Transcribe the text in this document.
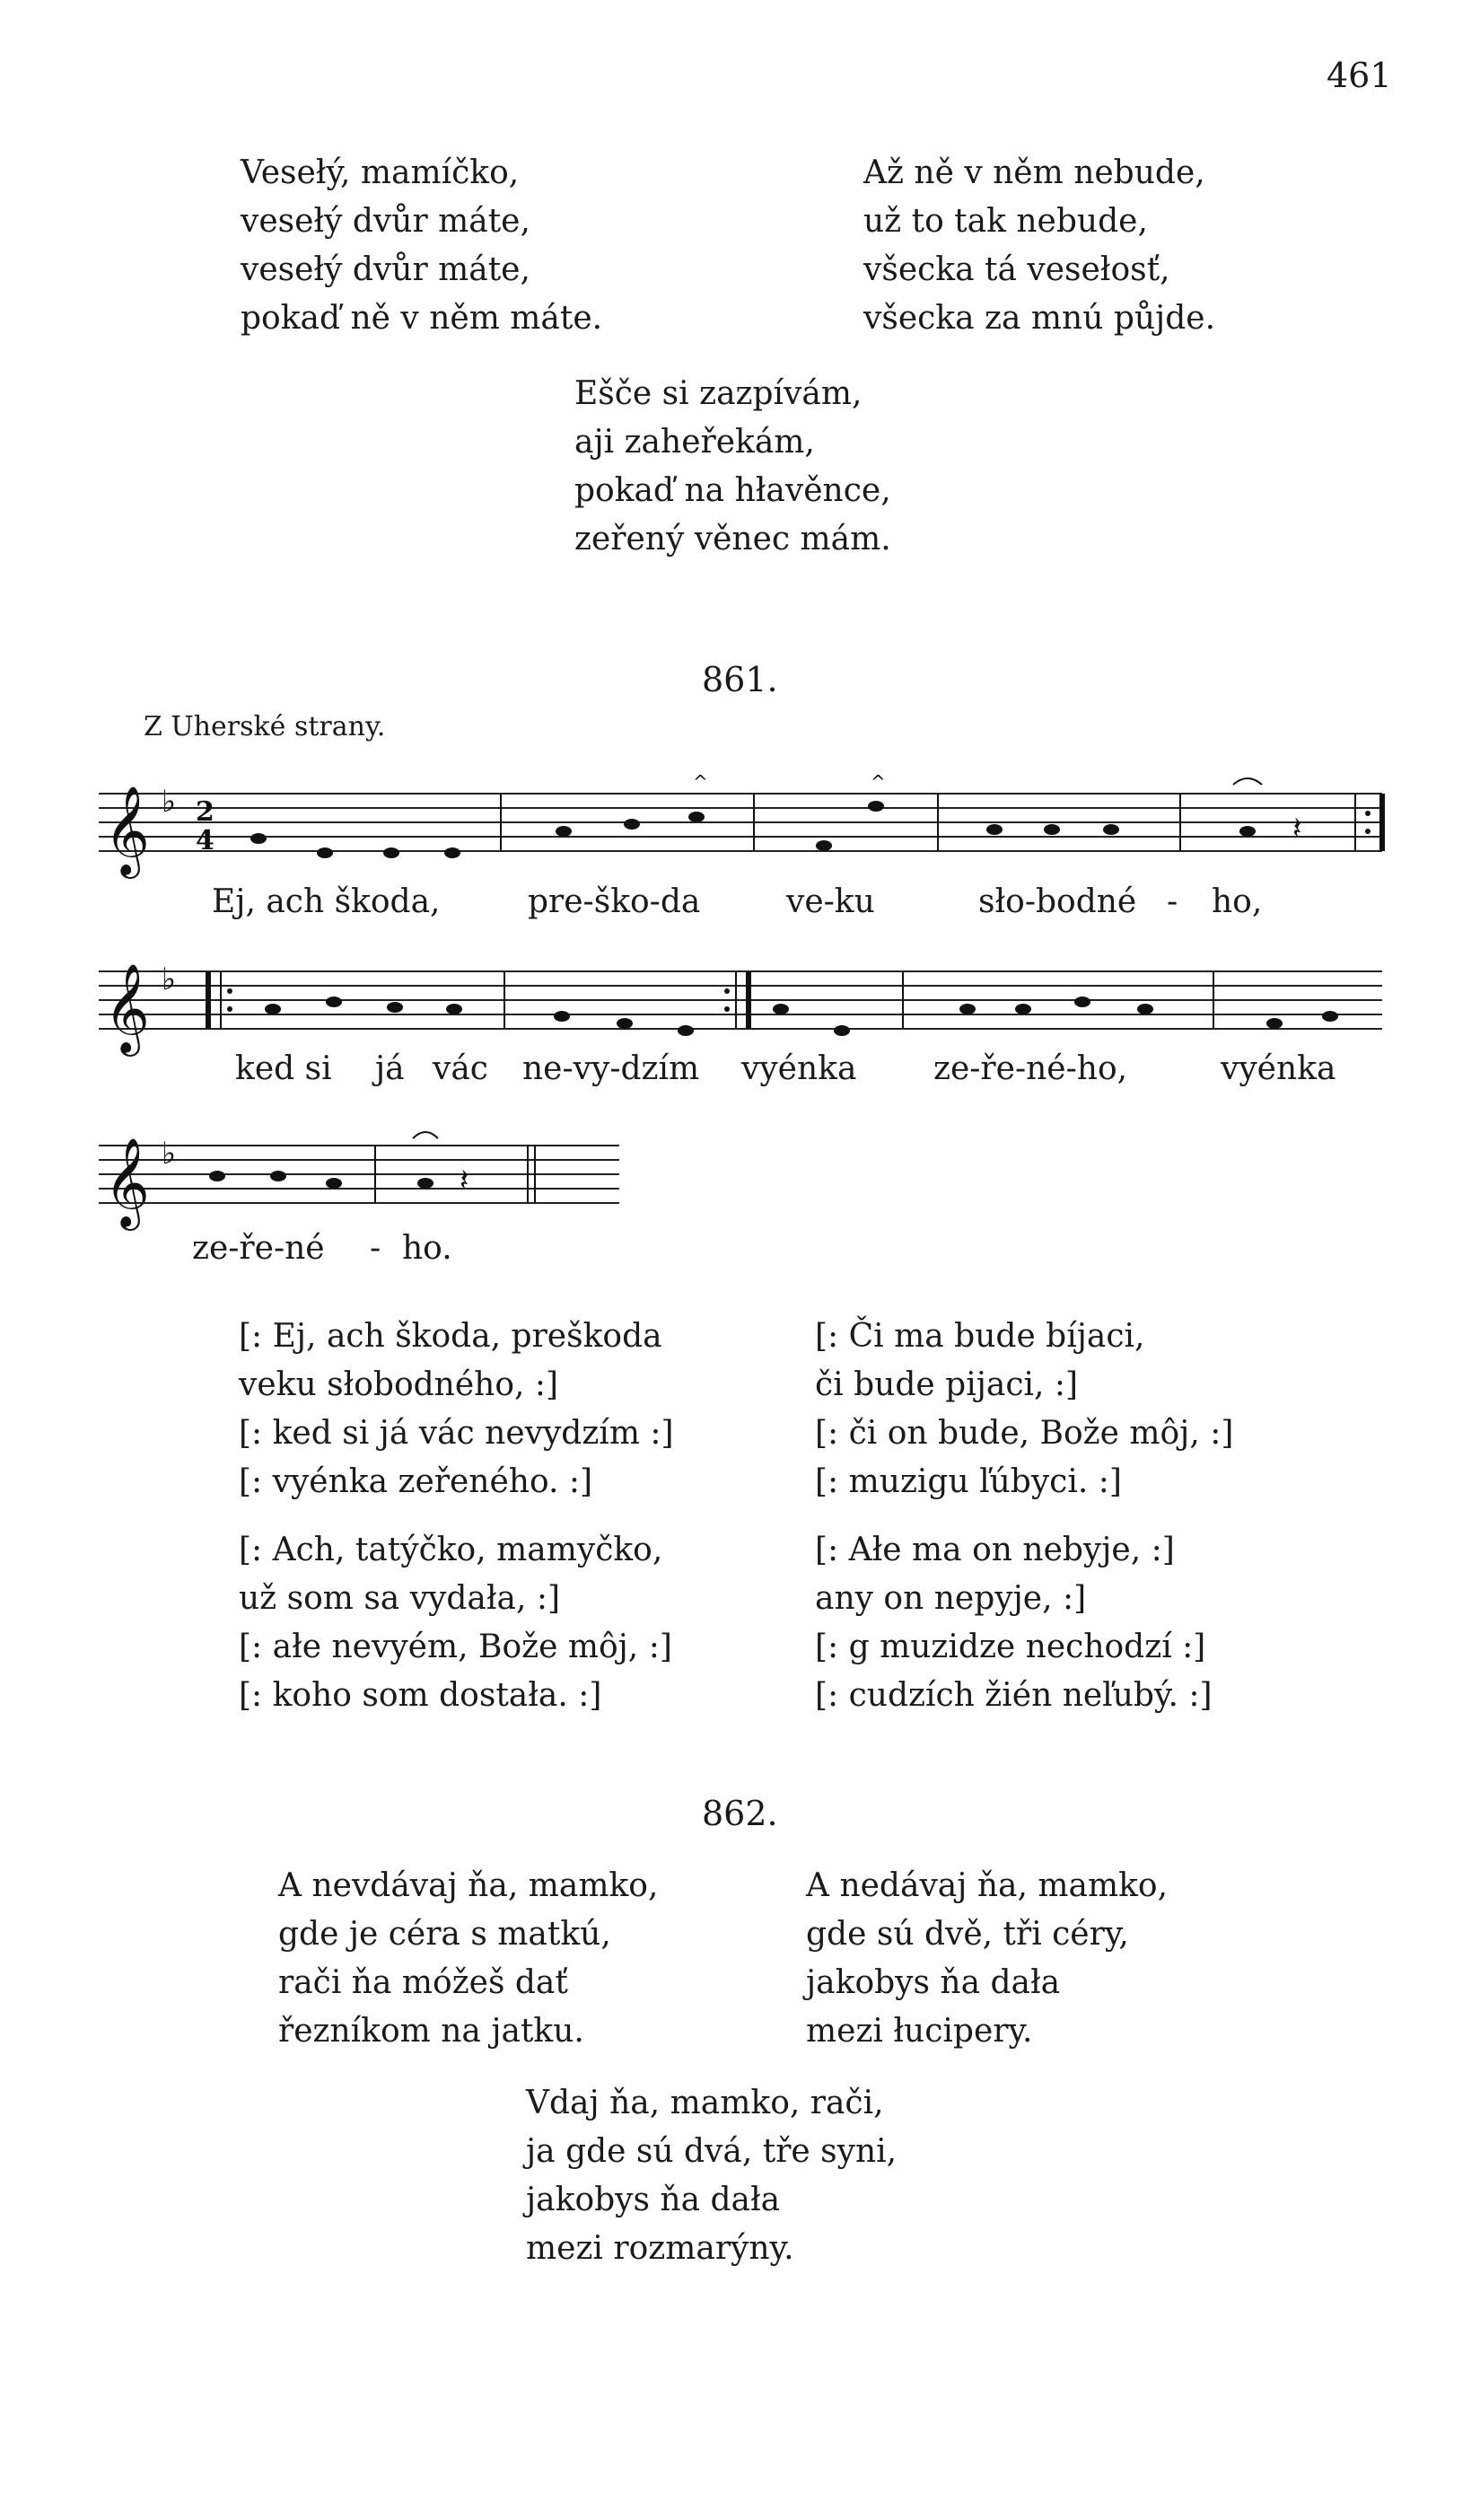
461
Vesełý, mamíčko,
vesełý dvůr máte,
vesełý dvůr máte,
pokaď ně v něm máte.
Až ně v něm nebude,
už to tak nebude,
všecka tá vesełosť,
všecka za mnú půjde.
Ešče si zazpívám,
aji zaheřekám,
pokaď na hłavěnce,
zeřený věnec mám.
861.
Z Uherské strany.
𝄞 ♭ 2
4	𝄽
^	^
Ej, ach škoda,	pre-ško-da	ve-ku	sło-bodné - ho,
𝄞 ♭
ked si já vác ne-vy-dzím vyénka ze-ře-né-ho,	vyénka
𝄞 ♭
𝄽
ze-ře-né - ho.
[: Ej, ach škoda, preškoda
veku słobodného, :]
[: ked si já vác nevydzím :]
[: vyénka zeřeného. :]
[: Ach, tatýčko, mamyčko,
už som sa vydała, :]
[: ałe nevyém, Bože môj, :]
[: koho som dostała. :]
[: Či ma bude bíjaci,
či bude pijaci, :]
[: či on bude, Bože môj, :]
[: muzigu ľúbyci. :]
[: Ałe ma on nebyje, :]
any on nepyje, :]
[: g muzidze nechodzí :]
[: cudzích žién neľubý. :]
862.
A nevdávaj ňa, mamko,
gde je céra s matkú,
rači ňa móžeš dať
řezníkom na jatku.
A nedávaj ňa, mamko,
gde sú dvě, tři céry,
jakobys ňa dała
mezi łucipery.
Vdaj ňa, mamko, rači,
ja gde sú dvá, tře syni,
jakobys ňa dała
mezi rozmarýny.
